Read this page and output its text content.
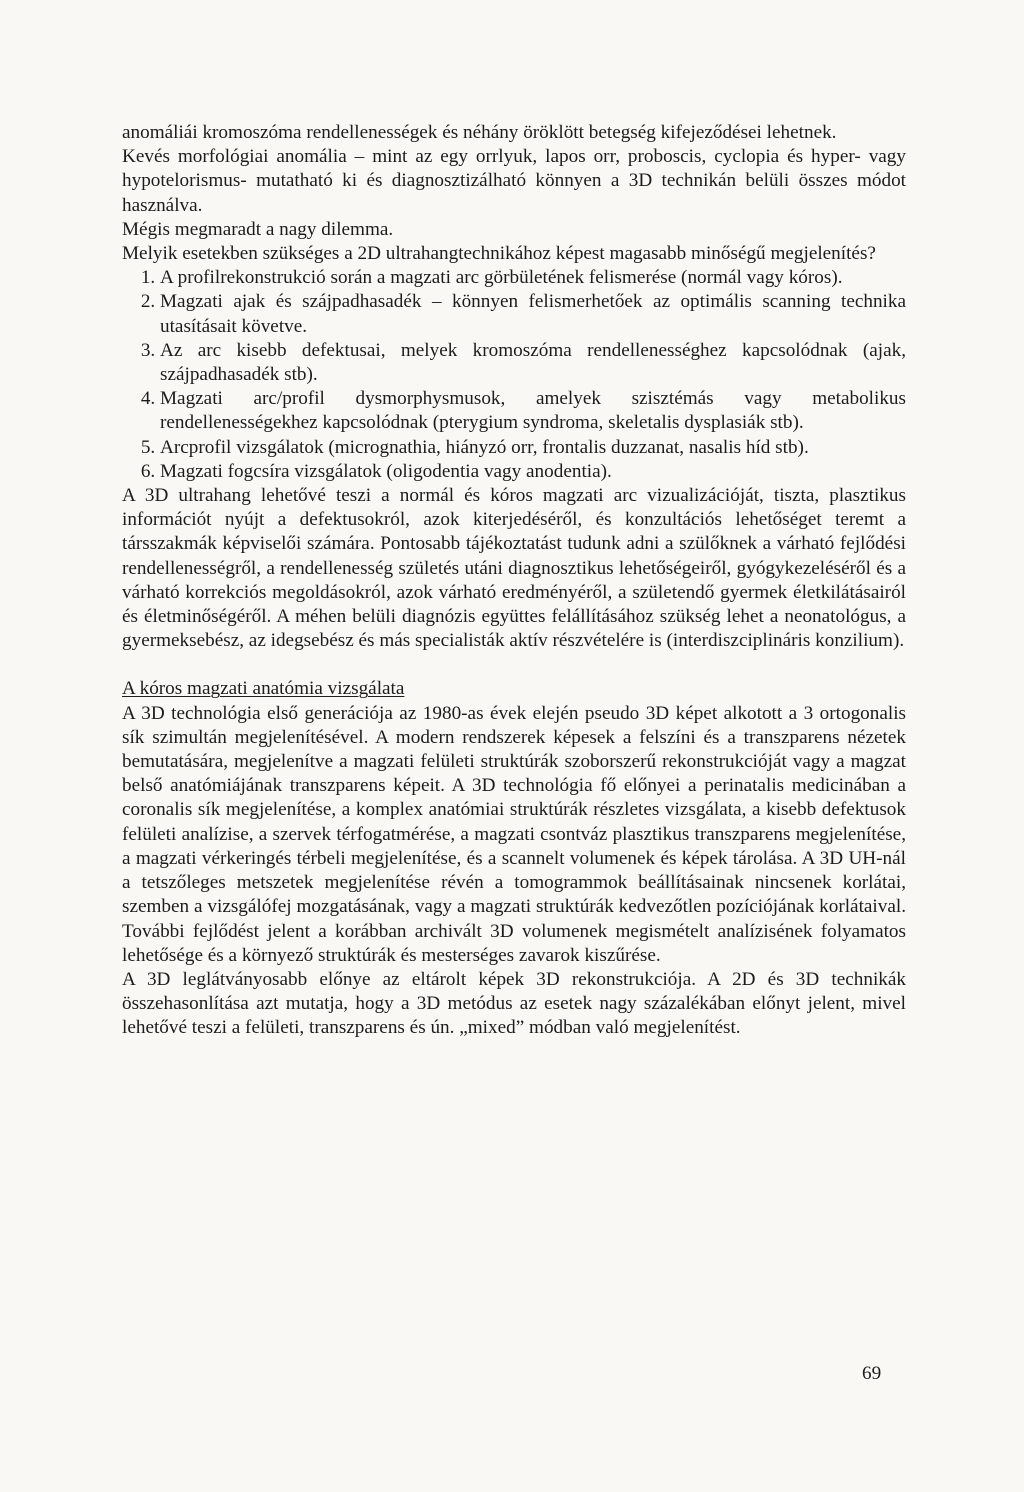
anomáliái kromoszóma rendellenességek és néhány öröklött betegség kifejeződései lehetnek.

Kevés morfológiai anomália – mint az egy orrlyuk, lapos orr, proboscis, cyclopia és hyper- vagy hypotelorismus- mutatható ki és diagnosztizálható könnyen a 3D technikán belüli összes módot használva.

Mégis megmaradt a nagy dilemma.

Melyik esetekben szükséges a 2D ultrahangtechnikához képest magasabb minőségű megjelenítés?

1. A profilrekonstrukció során a magzati arc görbületének felismerése (normál vagy kóros).
2. Magzati ajak és szájpadhasadék – könnyen felismerhetőek az optimális scanning technika utasításait követve.
3. Az arc kisebb defektusai, melyek kromoszóma rendellenességhez kapcsolódnak (ajak, szájpadhasadék stb).
4. Magzati arc/profil dysmorphysmusok, amelyek szisztémás vagy metabolikus rendellenességekhez kapcsolódnak (pterygium syndroma, skeletalis dysplasiák stb).
5. Arcprofil vizsgálatok (micrognathia, hiányzó orr, frontalis duzzanat, nasalis híd stb).
6. Magzati fogcsíra vizsgálatok (oligodentia vagy anodentia).

A 3D ultrahang lehetővé teszi a normál és kóros magzati arc vizualizációját, tiszta, plasztikus információt nyújt a defektusokról, azok kiterjedéséről, és konzultációs lehetőséget teremt a társszakmák képviselői számára. Pontosabb tájékoztatást tudunk adni a szülőknek a várható fejlődési rendellenességről, a rendellenesség születés utáni diagnosztikus lehetőségeiről, gyógykezeléséről és a várható korrekciós megoldásokról, azok várható eredményéről, a születendő gyermek életkilátásairól és életminőségéről. A méhen belüli diagnózis együttes felállításához szükség lehet a neonatológus, a gyermeksebész, az idegsebész és más specialisták aktív részvételére is (interdiszciplináris konzilium).

A kóros magzati anatómia vizsgálata

A 3D technológia első generációja az 1980-as évek elején pseudo 3D képet alkotott a 3 ortogonalis sík szimultán megjelenítésével. A modern rendszerek képesek a felszíni és a transzparens nézetek bemutatására, megjelenítve a magzati felületi struktúrák szoborszerű rekonstrukcióját vagy a magzat belső anatómiájának transzparens képeit. A 3D technológia fő előnyei a perinatalis medicinában a coronalis sík megjelenítése, a komplex anatómiai struktúrák részletes vizsgálata, a kisebb defektusok felületi analízise, a szervek térfogatmérése, a magzati csontváz plasztikus transzparens megjelenítése, a magzati vérkeringés térbeli megjelenítése, és a scannelt volumenek és képek tárolása. A 3D UH-nál a tetszőleges metszetek megjelenítése révén a tomogrammok beállításainak nincsenek korlátai, szemben a vizsgálófej mozgatásának, vagy a magzati struktúrák kedvezőtlen pozíciójának korlátaival. További fejlődést jelent a korábban archivált 3D volumenek megismételt analízisének folyamatos lehetősége és a környező struktúrák és mesterséges zavarok kiszűrése.

A 3D leglátványosabb előnye az eltárolt képek 3D rekonstrukciója. A 2D és 3D technikák összehasonlítása azt mutatja, hogy a 3D metódus az esetek nagy százalékában előnyt jelent, mivel lehetővé teszi a felületi, transzparens és ún. „mixed” módban való megjelenítést.

69
